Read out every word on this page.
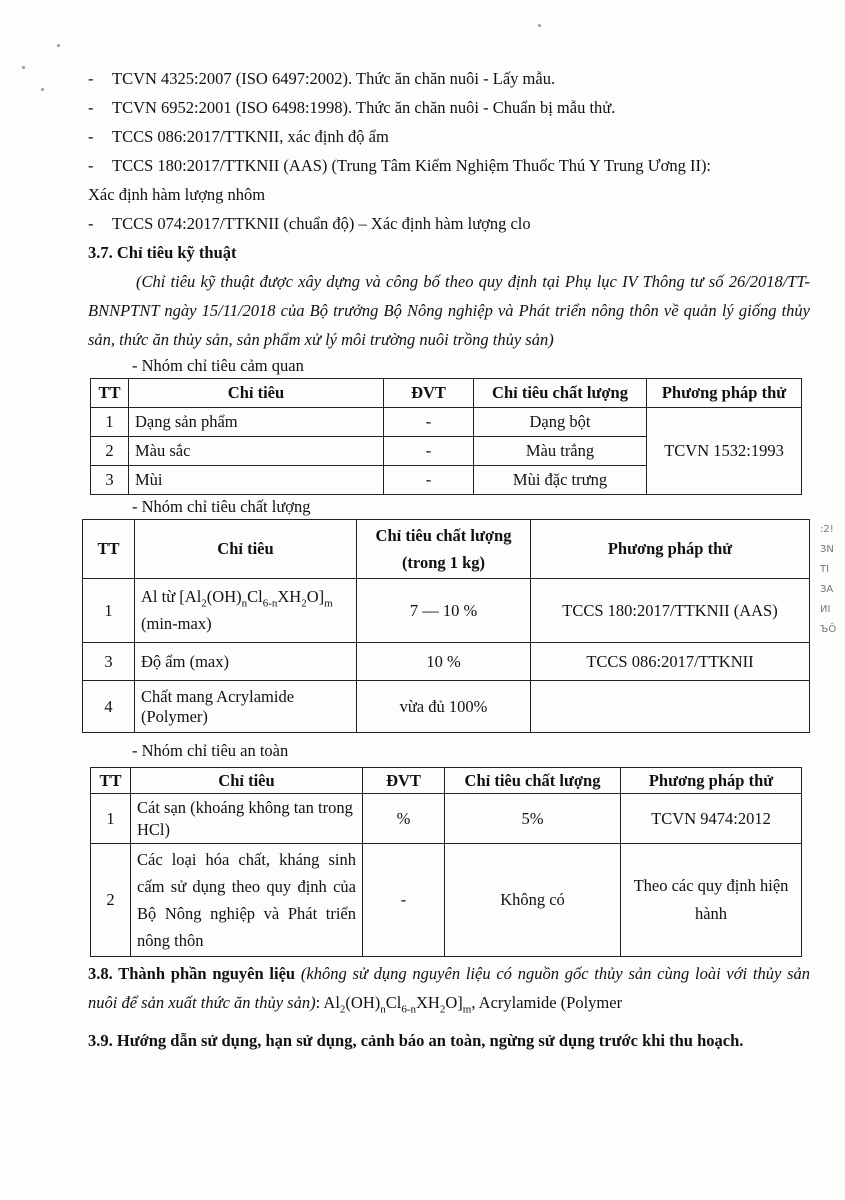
- TCVN 4325:2007 (ISO 6497:2002). Thức ăn chăn nuôi - Lấy mẫu.
- TCVN 6952:2001 (ISO 6498:1998). Thức ăn chăn nuôi - Chuẩn bị mẫu thử.
- TCCS 086:2017/TTKNII, xác định độ ẩm
- TCCS 180:2017/TTKNII (AAS) (Trung Tâm Kiểm Nghiệm Thuốc Thú Y Trung Ương II):
Xác định hàm lượng nhôm
- TCCS 074:2017/TTKNII (chuẩn độ) – Xác định hàm lượng clo
3.7. Chỉ tiêu kỹ thuật
(Chỉ tiêu kỹ thuật được xây dựng và công bố theo quy định tại Phụ lục IV Thông tư số 26/2018/TT-BNNPTNT ngày 15/11/2018 của Bộ trưởng Bộ Nông nghiệp và Phát triển nông thôn về quản lý giống thủy sản, thức ăn thủy sản, sản phẩm xử lý môi trường nuôi trồng thủy sản)
- Nhóm chỉ tiêu cảm quan
TT	Chỉ tiêu	ĐVT	Chỉ tiêu chất lượng	Phương pháp thử
1	Dạng sản phẩm	-	Dạng bột	TCVN 1532:1993
2	Màu sắc	-	Màu trắng	
3	Mùi	-	Mùi đặc trưng	
- Nhóm chỉ tiêu chất lượng
TT	Chỉ tiêu	Chỉ tiêu chất lượng (trong 1 kg)	Phương pháp thử
1	Al từ $[Al_2(OH)_nCl_{6-n}XH_2O]_m$
(min-max)	7 — 10 %	TCCS 180:2017/TTKNII (AAS)
3	Độ ẩm (max)	10 %	TCCS 086:2017/TTKNII
4	Chất mang Acrylamide (Polymer)	vừa đủ 100%	
- Nhóm chỉ tiêu an toàn
TT	Chỉ tiêu	ĐVT	Chỉ tiêu chất lượng	Phương pháp thử
1	Cát sạn (khoáng không tan trong HCl)	%	5%	TCVN 9474:2012
2	Các loại hóa chất, kháng sinh cấm sử dụng theo quy định của Bộ Nông nghiệp và Phát triển nông thôn	-	Không có	Theo các quy định hiện hành
3.8. Thành phần nguyên liệu (không sử dụng nguyên liệu có nguồn gốc thủy sản cùng loài với thủy sản nuôi để sản xuất thức ăn thủy sản): $Al_2(OH)_nCl_{6-n}XH_2O]_m$, Acrylamide (Polymer
3.9. Hướng dẫn sử dụng, hạn sử dụng, cảnh báo an toàn, ngừng sử dụng trước khi thu hoạch.
:2!
ЗN
TI
ЗA
ИI
ЪÔ
